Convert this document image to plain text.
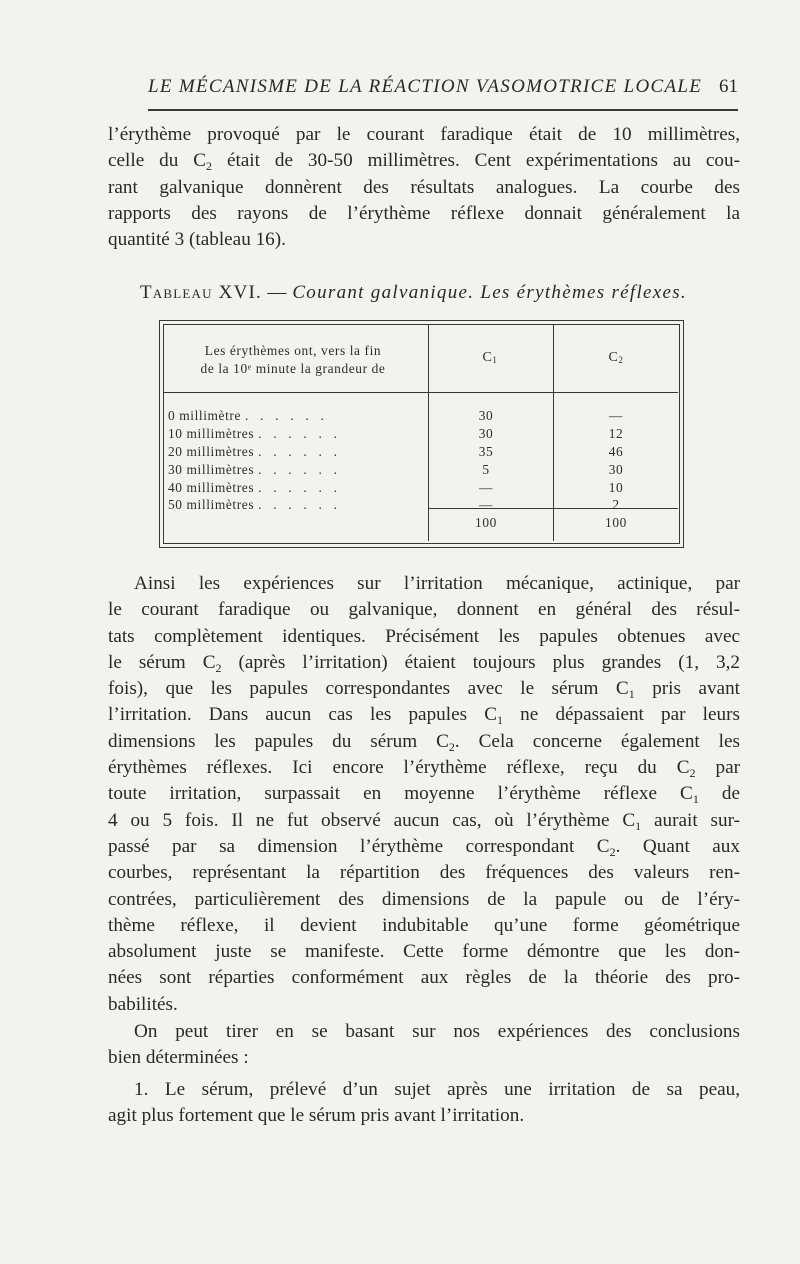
LE MÉCANISME DE LA RÉACTION VASOMOTRICE LOCALE 61
l’érythème provoqué par le courant faradique était de 10 millimètres,
celle du $C_2$ était de 30-50 millimètres. Cent expérimentations au cou-
rant galvanique donnèrent des résultats analogues. La courbe des
rapports des rayons de l’érythème réflexe donnait généralement la
quantité 3 (tableau 16).
Tableau XVI. — Courant galvanique. Les érythèmes réflexes.
Les érythèmes ont, vers la fin
de la 10ᵉ minute la grandeur de
$C_1$	$C_2$
0 millimètre . . . . . .	30	—
10 millimètres . . . . . .	30	12
20 millimètres . . . . . .	35	46
30 millimètres . . . . . .	5	30
40 millimètres . . . . . .	—	10
50 millimètres . . . . . .	—	2
100	100
Ainsi les expériences sur l’irritation mécanique, actinique, par
le courant faradique ou galvanique, donnent en général des résul-
tats complètement identiques. Précisément les papules obtenues avec
le sérum $C_2$ (après l’irritation) étaient toujours plus grandes (1, 3,2
fois), que les papules correspondantes avec le sérum $C_1$ pris avant
l’irritation. Dans aucun cas les papules $C_1$ ne dépassaient par leurs
dimensions les papules du sérum $C_2$. Cela concerne également les
érythèmes réflexes. Ici encore l’érythème réflexe, reçu du $C_2$ par
toute irritation, surpassait en moyenne l’érythème réflexe $C_1$ de
4 ou 5 fois. Il ne fut observé aucun cas, où l’érythème $C_1$ aurait sur-
passé par sa dimension l’érythème correspondant $C_2$. Quant aux
courbes, représentant la répartition des fréquences des valeurs ren-
contrées, particulièrement des dimensions de la papule ou de l’éry-
thème réflexe, il devient indubitable qu’une forme géométrique
absolument juste se manifeste. Cette forme démontre que les don-
nées sont réparties conformément aux règles de la théorie des pro-
babilités.
On peut tirer en se basant sur nos expériences des conclusions
bien déterminées :
1. Le sérum, prélevé d’un sujet après une irritation de sa peau,
agit plus fortement que le sérum pris avant l’irritation.
